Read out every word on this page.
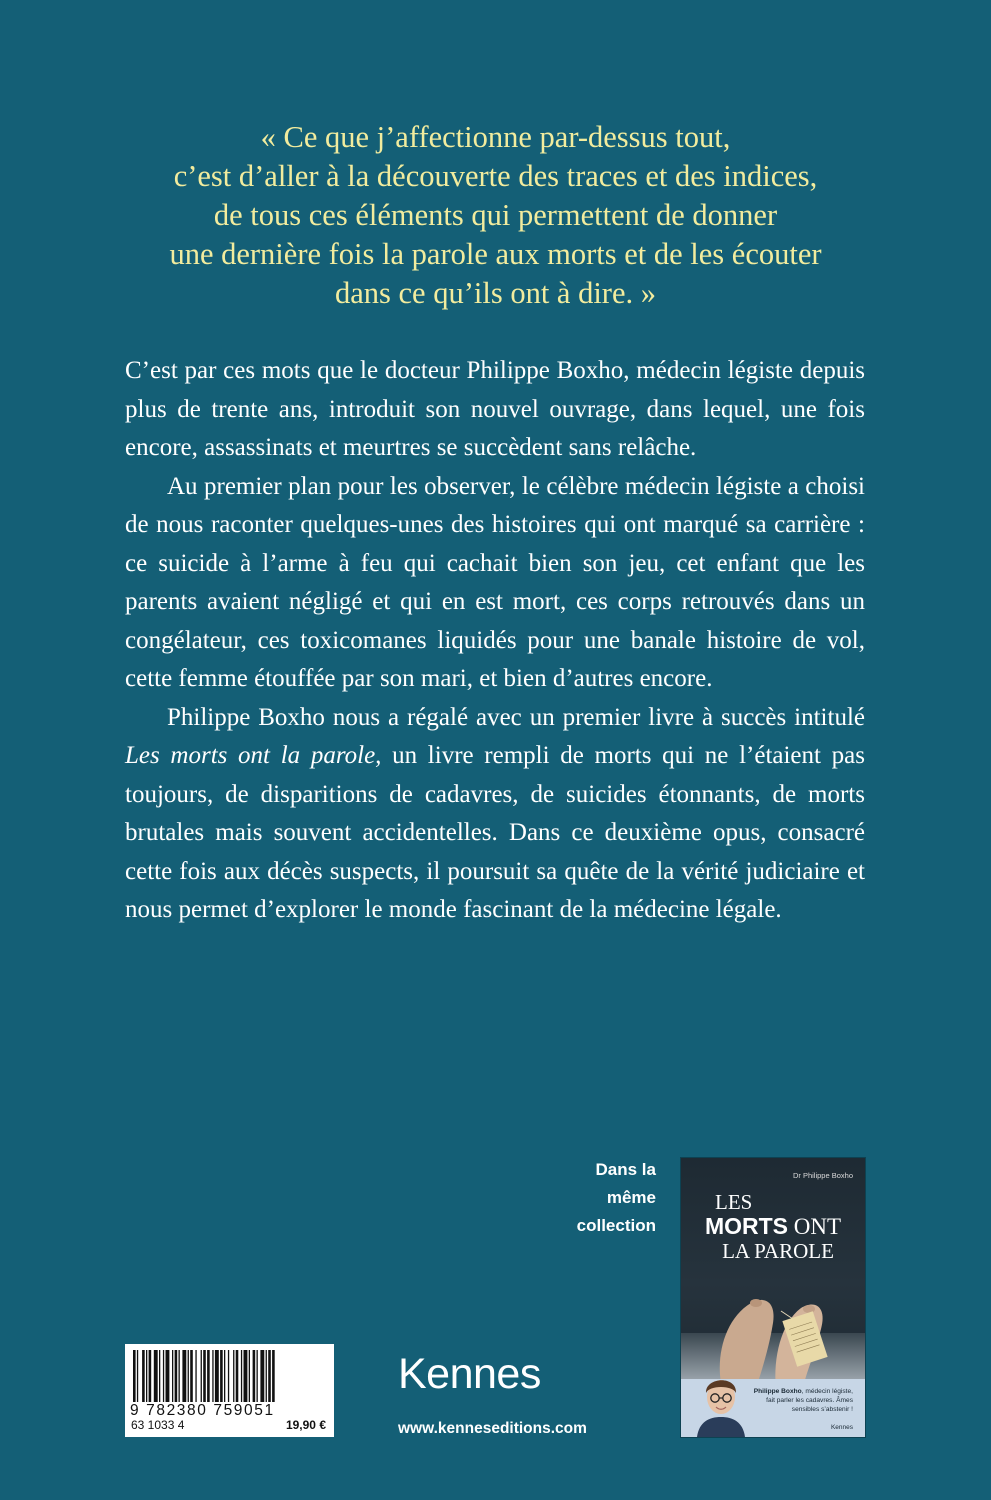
« Ce que j’affectionne par-dessus tout,
c’est d’aller à la découverte des traces et des indices,
de tous ces éléments qui permettent de donner
une dernière fois la parole aux morts et de les écouter
dans ce qu’ils ont à dire. »

C’est par ces mots que le docteur Philippe Boxho, médecin légiste depuis plus de trente ans, introduit son nouvel ouvrage, dans lequel, une fois encore, assassinats et meurtres se succèdent sans relâche.

Au premier plan pour les observer, le célèbre médecin légiste a choisi de nous raconter quelques-unes des histoires qui ont marqué sa carrière : ce suicide à l’arme à feu qui cachait bien son jeu, cet enfant que les parents avaient négligé et qui en est mort, ces corps retrouvés dans un congélateur, ces toxicomanes liquidés pour une banale histoire de vol, cette femme étouffée par son mari, et bien d’autres encore.

Philippe Boxho nous a régalé avec un premier livre à succès intitulé Les morts ont la parole, un livre rempli de morts qui ne l’étaient pas toujours, de disparitions de cadavres, de suicides étonnants, de morts brutales mais souvent accidentelles. Dans ce deuxième opus, consacré cette fois aux décès suspects, il poursuit sa quête de la vérité judiciaire et nous permet d’explorer le monde fascinant de la médecine légale.

Dans la
même
collection
Dr Philippe Boxho
LES
MORTS ONT
LA PAROLE
Philippe Boxho, médecin légiste, fait parler les cadavres. Âmes sensibles s’abstenir !
Kennes
9 782380 759051
63 1033 4	19,90 €
Kennes
www.kenneseditions.com
